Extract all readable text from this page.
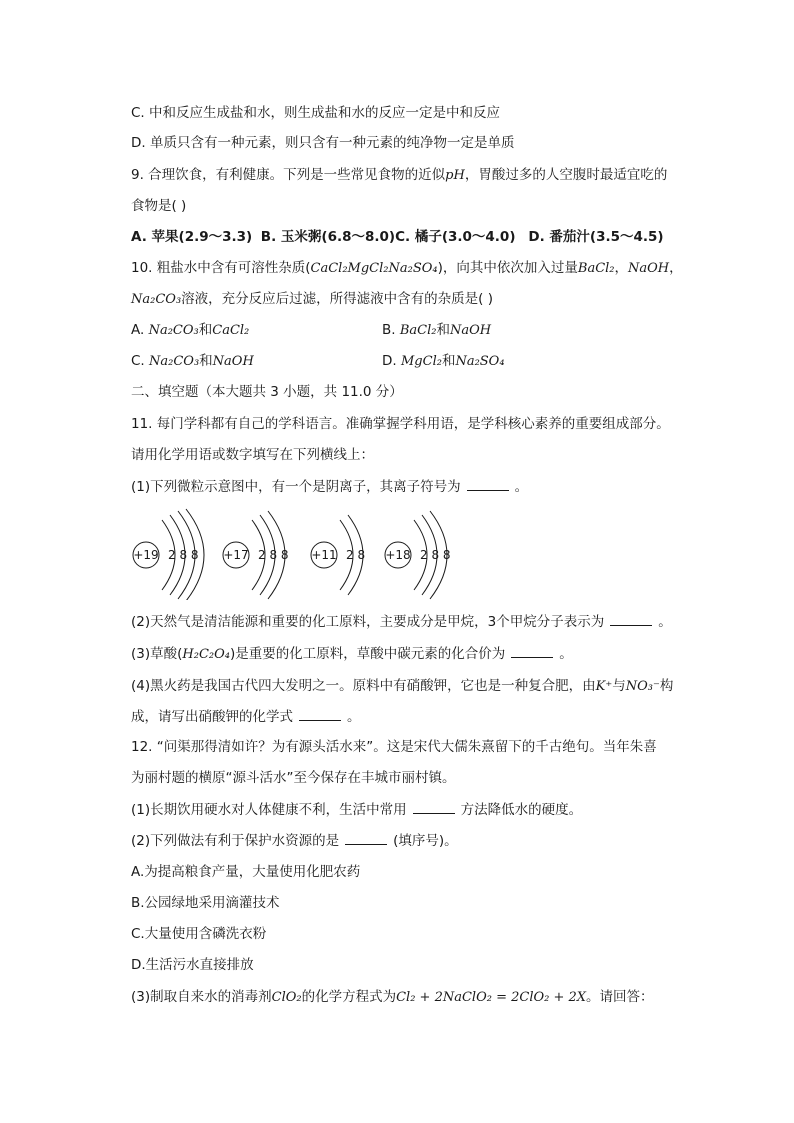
C. 中和反应生成盐和水，则生成盐和水的反应一定是中和反应
D. 单质只含有一种元素，则只含有一种元素的纯净物一定是单质
9. 合理饮食，有利健康。下列是一些常见食物的近似pH，胃酸过多的人空腹时最适宜吃的
食物是( )
A. 苹果(2.9～3.3) B. 玉米粥(6.8～8.0)C. 橘子(3.0～4.0) D. 番茄汁(3.5～4.5)
10. 粗盐水中含有可溶性杂质(CaCl₂MgCl₂Na₂SO₄)，向其中依次加入过量BaCl₂，NaOH，
Na₂CO₃溶液，充分反应后过滤，所得滤液中含有的杂质是( )
A. Na₂CO₃和CaCl₂	B. BaCl₂和NaOH
C. Na₂CO₃和NaOH	D. MgCl₂和Na₂SO₄
二、填空题（本大题共 3 小题，共 11.0 分）
11. 每门学科都有自己的学科语言。准确掌握学科用语，是学科核心素养的重要组成部分。
请用化学用语或数字填写在下列横线上：
(1)下列微粒示意图中，有一个是阴离子，其离子符号为	。
+19 2 8 8 +17 2 8 8 +11 2 8 +18 2 8 8
(2)天然气是清洁能源和重要的化工原料，主要成分是甲烷，3个甲烷分子表示为	。
(3)草酸(H₂C₂O₄)是重要的化工原料，草酸中碳元素的化合价为	。
(4)黑火药是我国古代四大发明之一。原料中有硝酸钾，它也是一种复合肥，由K⁺与NO₃⁻构
成，请写出硝酸钾的化学式	。
12. “问渠那得清如许？为有源头活水来”。这是宋代大儒朱熹留下的千古绝句。当年朱喜
为丽村题的横原“源斗活水”至今保存在丰城市丽村镇。
(1)长期饮用硬水对人体健康不利，生活中常用	方法降低水的硬度。
(2)下列做法有利于保护水资源的是	(填序号)。
A.为提高粮食产量，大量使用化肥农药
B.公园绿地采用滴灌技术
C.大量使用含磷洗衣粉
D.生活污水直接排放
(3)制取自来水的消毒剂ClO₂的化学方程式为Cl₂ + 2NaClO₂ = 2ClO₂ + 2X。请回答：
